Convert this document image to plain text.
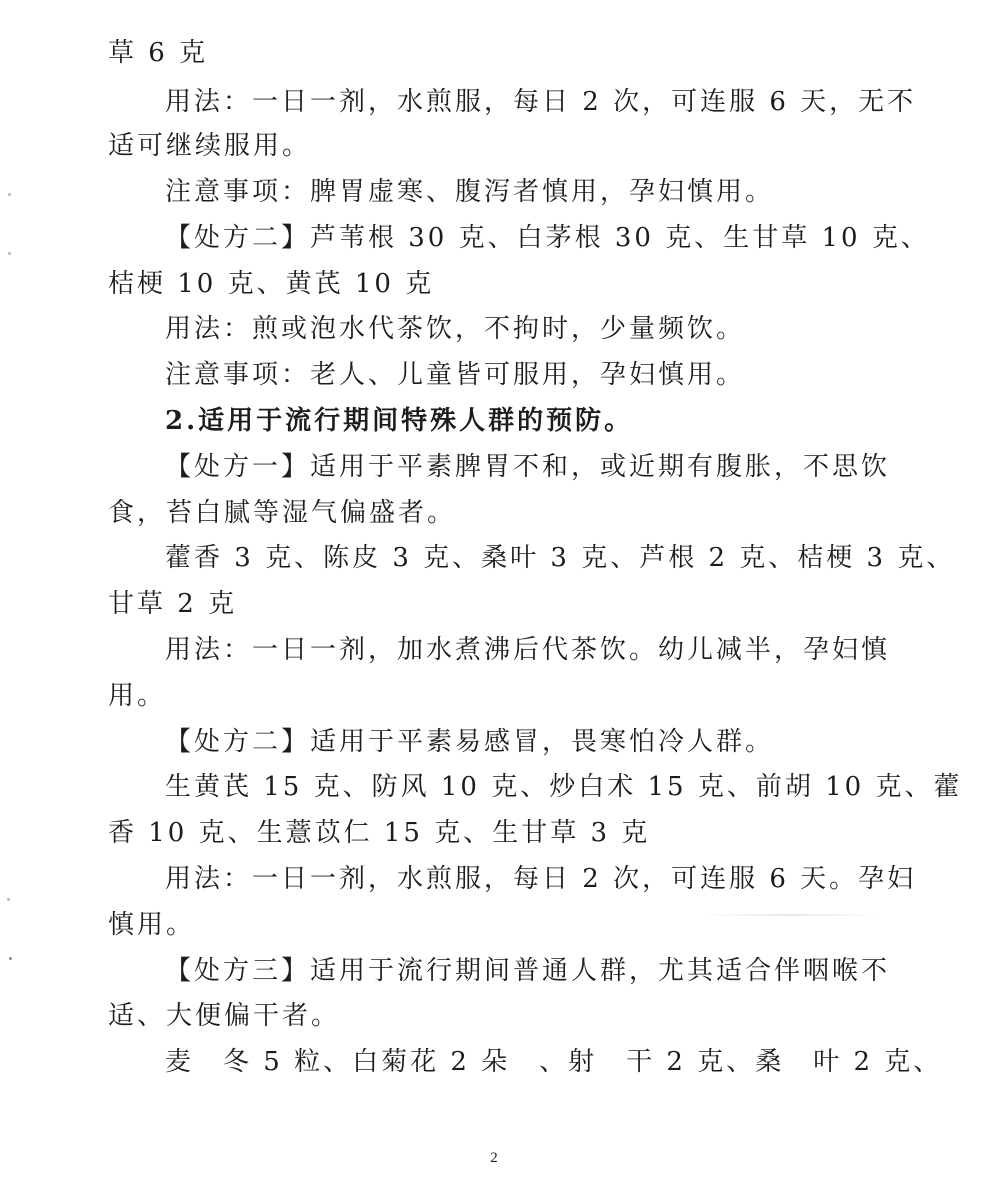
草 6 克
用法：一日一剂，水煎服，每日 2 次，可连服 6 天，无不
适可继续服用。
注意事项：脾胃虚寒、腹泻者慎用，孕妇慎用。
【处方二】芦苇根 30 克、白茅根 30 克、生甘草 10 克、
桔梗 10 克、黄芪 10 克
用法：煎或泡水代茶饮，不拘时，少量频饮。
注意事项：老人、儿童皆可服用，孕妇慎用。
2.适用于流行期间特殊人群的预防。
【处方一】适用于平素脾胃不和，或近期有腹胀，不思饮
食，苔白腻等湿气偏盛者。
藿香 3 克、陈皮 3 克、桑叶 3 克、芦根 2 克、桔梗 3 克、
甘草 2 克
用法：一日一剂，加水煮沸后代茶饮。幼儿减半，孕妇慎
用。
【处方二】适用于平素易感冒，畏寒怕冷人群。
生黄芪 15 克、防风 10 克、炒白术 15 克、前胡 10 克、藿
香 10 克、生薏苡仁 15 克、生甘草 3 克
用法：一日一剂，水煎服，每日 2 次，可连服 6 天。孕妇
慎用。
【处方三】适用于流行期间普通人群，尤其适合伴咽喉不
适、大便偏干者。
麦　冬 5 粒、白菊花 2 朵　、射　干 2 克、桑　叶 2 克、
2
